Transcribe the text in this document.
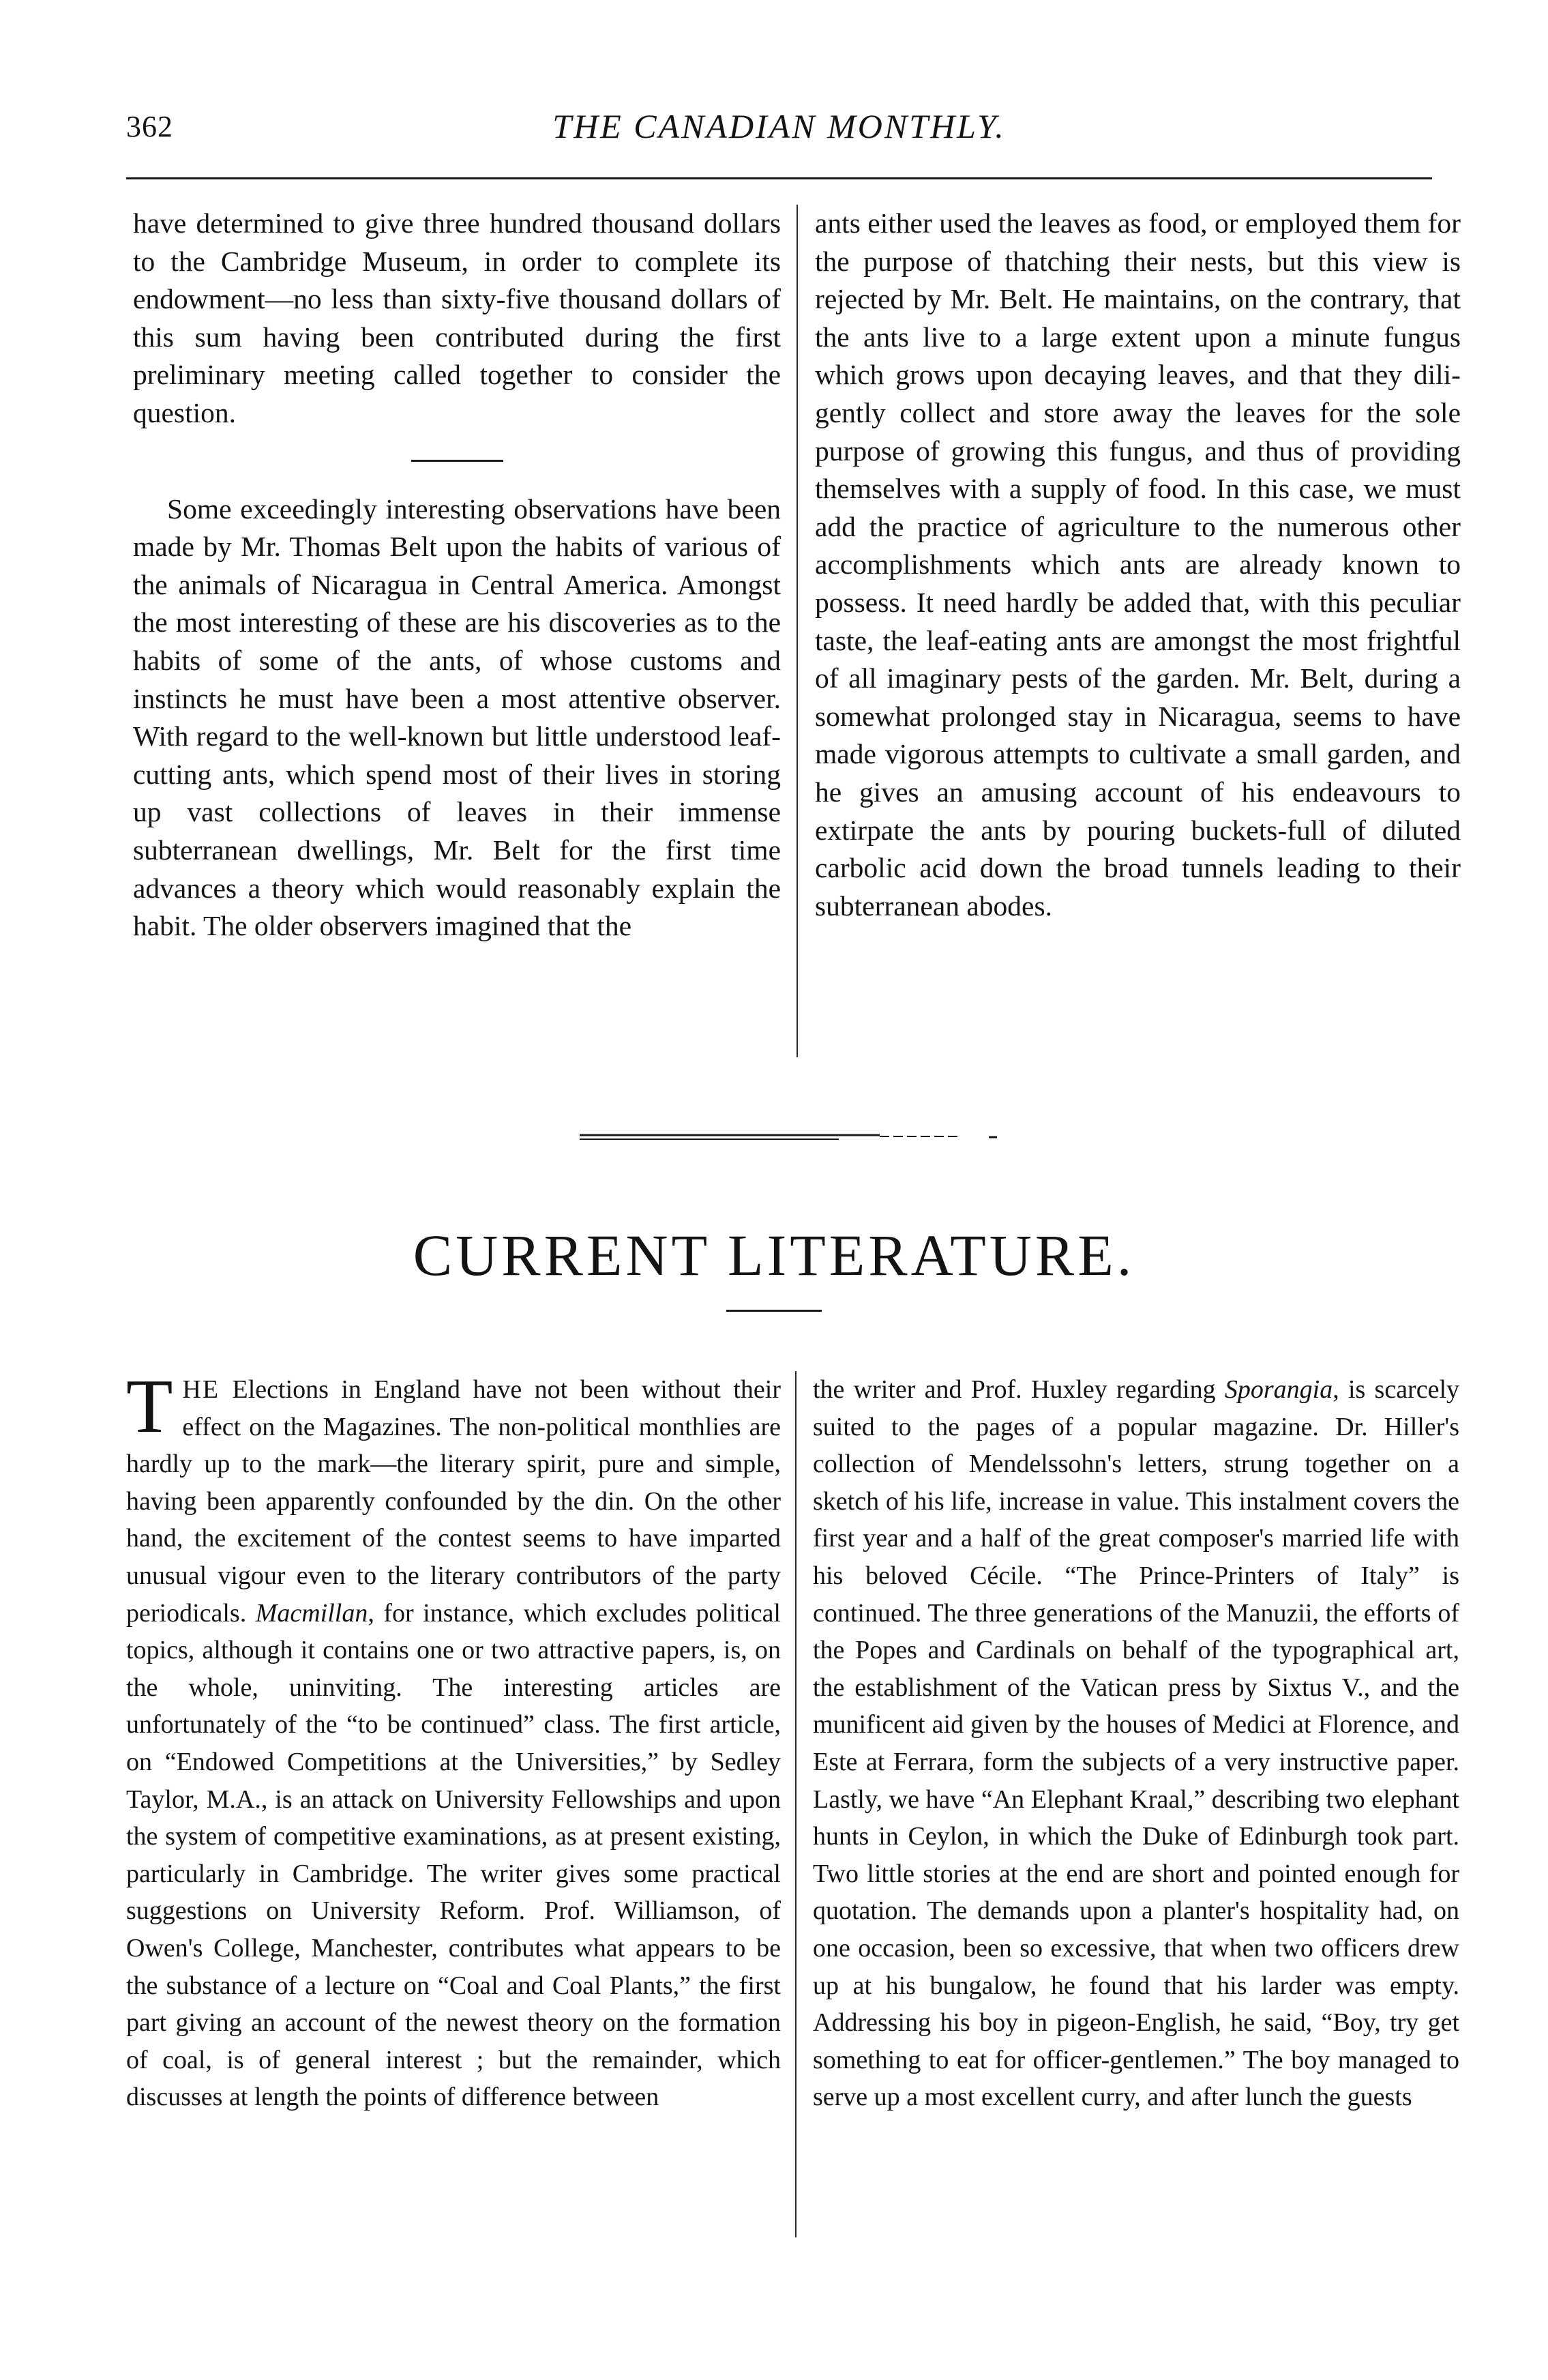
362	THE CANADIAN MONTHLY.

have determined to give three hundred thousand dollars to the Cambridge Museum, in order to complete its endowment—no less than sixty-five thousand dollars of this sum having been contributed during the first preliminary meeting called together to consider the question.

Some exceedingly interesting observations have been made by Mr. Thomas Belt upon the habits of various of the animals of Nicaragua in Central America. Amongst the most interesting of these are his discoveries as to the habits of some of the ants, of whose customs and instincts he must have been a most attentive observer. With regard to the well-known but little understood leaf-cutting ants, which spend most of their lives in storing up vast collections of leaves in their immense subterranean dwellings, Mr. Belt for the first time advances a theory which would reasonably explain the habit. The older observers imagined that the

ants either used the leaves as food, or employed them for the purpose of thatching their nests, but this view is rejected by Mr. Belt. He maintains, on the contrary, that the ants live to a large extent upon a minute fungus which grows upon decaying leaves, and that they diligently collect and store away the leaves for the sole purpose of growing this fungus, and thus of providing themselves with a supply of food. In this case, we must add the practice of agriculture to the numerous other accomplishments which ants are already known to possess. It need hardly be added that, with this peculiar taste, the leaf-eating ants are amongst the most frightful of all imaginary pests of the garden. Mr. Belt, during a somewhat prolonged stay in Nicaragua, seems to have made vigorous attempts to cultivate a small garden, and he gives an amusing account of his endeavours to extirpate the ants by pouring buckets-full of diluted carbolic acid down the broad tunnels leading to their subterranean abodes.

CURRENT LITERATURE.

THE Elections in England have not been without their effect on the Magazines. The non-political monthlies are hardly up to the mark—the literary spirit, pure and simple, having been apparently confounded by the din. On the other hand, the excitement of the contest seems to have imparted unusual vigour even to the literary contributors of the party periodicals. Macmillan, for instance, which excludes political topics, although it contains one or two attractive papers, is, on the whole, uninviting. The interesting articles are unfortunately of the “to be continued” class. The first article, on “Endowed Competitions at the Universities,” by Sedley Taylor, M.A., is an attack on University Fellowships and upon the system of competitive examinations, as at present existing, particularly in Cambridge. The writer gives some practical suggestions on University Reform. Prof. Williamson, of Owen's College, Manchester, contributes what appears to be the substance of a lecture on “Coal and Coal Plants,” the first part giving an account of the newest theory on the formation of coal, is of general interest ; but the remainder, which discusses at length the points of difference between

the writer and Prof. Huxley regarding Sporangia, is scarcely suited to the pages of a popular magazine. Dr. Hiller's collection of Mendelssohn's letters, strung together on a sketch of his life, increase in value. This instalment covers the first year and a half of the great composer's married life with his beloved Cécile. “The Prince-Printers of Italy” is continued. The three generations of the Manuzii, the efforts of the Popes and Cardinals on behalf of the typographical art, the establishment of the Vatican press by Sixtus V., and the munificent aid given by the houses of Medici at Florence, and Este at Ferrara, form the subjects of a very instructive paper. Lastly, we have “An Elephant Kraal,” describing two elephant hunts in Ceylon, in which the Duke of Edinburgh took part. Two little stories at the end are short and pointed enough for quotation. The demands upon a planter's hospitality had, on one occasion, been so excessive, that when two officers drew up at his bungalow, he found that his larder was empty. Addressing his boy in pigeon-English, he said, “Boy, try get something to eat for officer-gentlemen.” The boy managed to serve up a most excellent curry, and after lunch the guests
